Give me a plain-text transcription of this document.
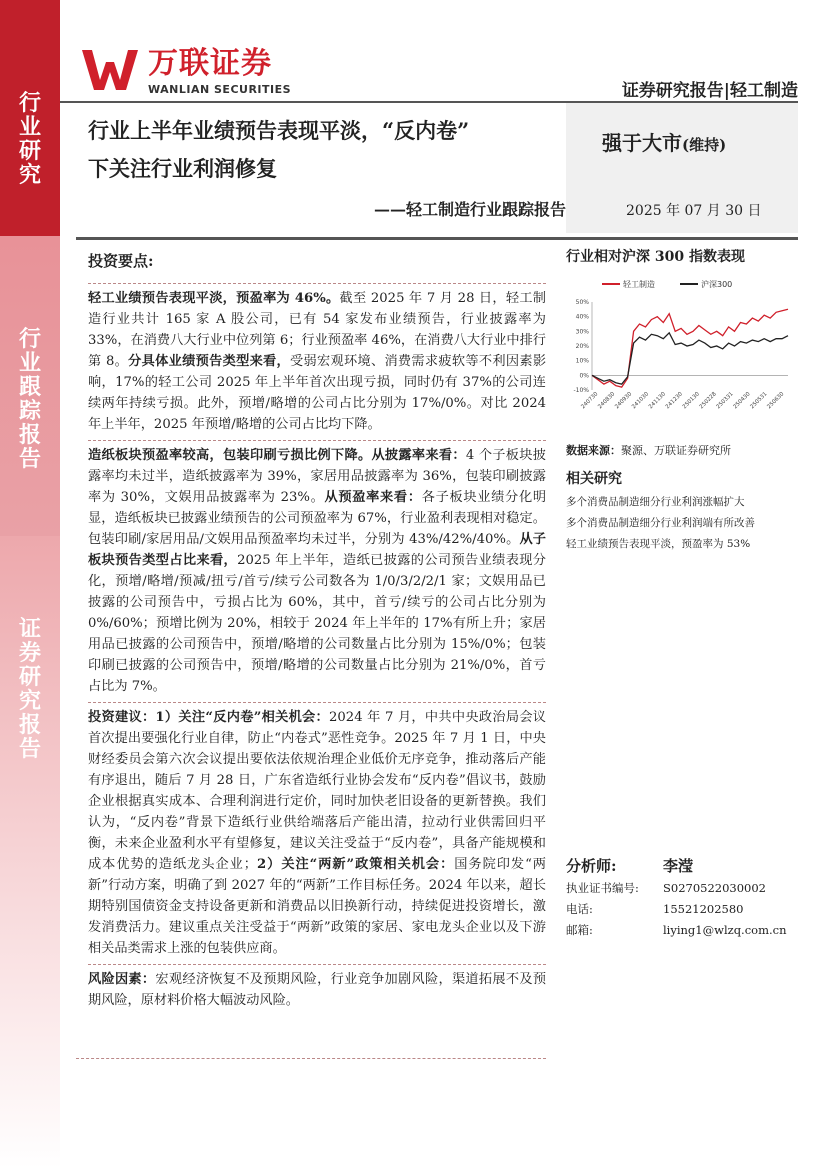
行
业
研
究
行
业
跟
踪
报
告
证
券
研
究
报
告
万联证券
WANLIAN SECURITIES	证券研究报告|轻工制造
行业上半年业绩预告表现平淡，“反内卷”
下关注行业利润修复
——轻工制造行业跟踪报告
强于大市(维持)
2025 年 07 月 30 日
投资要点:

轻工业绩预告表现平淡，预盈率为 46%。截至 2025 年 7 月 28 日，轻工制造行业共计 165 家 A 股公司，已有 54 家发布业绩预告，行业披露率为 33%，在消费八大行业中位列第 6；行业预盈率 46%，在消费八大行业中排行第 8。分具体业绩预告类型来看，受弱宏观环境、消费需求疲软等不利因素影响，17%的轻工公司 2025 年上半年首次出现亏损，同时仍有 37%的公司连续两年持续亏损。此外，预增/略增的公司占比分别为 17%/0%。对比 2024 年上半年，2025 年预增/略增的公司占比均下降。

造纸板块预盈率较高，包装印刷亏损比例下降。从披露率来看：4 个子板块披露率均未过半，造纸披露率为 39%，家居用品披露率为 36%，包装印刷披露率为 30%，文娱用品披露率为 23%。从预盈率来看：各子板块业绩分化明显，造纸板块已披露业绩预告的公司预盈率为 67%，行业盈利表现相对稳定。包装印刷/家居用品/文娱用品预盈率均未过半，分别为 43%/42%/40%。从子板块预告类型占比来看，2025 年上半年，造纸已披露的公司预告业绩表现分化，预增/略增/预减/扭亏/首亏/续亏公司数各为 1/0/3/2/2/1 家；文娱用品已披露的公司预告中，亏损占比为 60%，其中，首亏/续亏的公司占比分别为 0%/60%；预增比例为 20%，相较于 2024 年上半年的 17%有所上升；家居用品已披露的公司预告中，预增/略增的公司数量占比分别为 15%/0%；包装印刷已披露的公司预告中，预增/略增的公司数量占比分别为 21%/0%，首亏占比为 7%。

投资建议：1）关注“反内卷”相关机会：2024 年 7 月，中共中央政治局会议首次提出要强化行业自律，防止“内卷式”恶性竞争。2025 年 7 月 1 日，中央财经委员会第六次会议提出要依法依规治理企业低价无序竞争，推动落后产能有序退出，随后 7 月 28 日，广东省造纸行业协会发布“反内卷”倡议书，鼓励企业根据真实成本、合理利润进行定价，同时加快老旧设备的更新替换。我们认为，“反内卷”背景下造纸行业供给端落后产能出清，拉动行业供需回归平衡，未来企业盈利水平有望修复，建议关注受益于“反内卷”，具备产能规模和成本优势的造纸龙头企业；2）关注“两新”政策相关机会：国务院印发“两新”行动方案，明确了到 2027 年的“两新”工作目标任务。2024 年以来，超长期特别国债资金支持设备更新和消费品以旧换新行动，持续促进投资增长，激发消费活力。建议重点关注受益于“两新”政策的家居、家电龙头企业以及下游相关品类需求上涨的包装供应商。

风险因素：宏观经济恢复不及预期风险，行业竞争加剧风险，渠道拓展不及预期风险，原材料价格大幅波动风险。

行业相对沪深 300 指数表现
-10%
0%
10%
20%
30%
40%
50%
240730
240830
240930
241030
241130
241230
250130
250228
250331
250430
250531
250630
轻工制造	沪深300
数据来源：聚源、万联证券研究所
相关研究
多个消费品制造细分行业利润涨幅扩大
多个消费品制造细分行业利润端有所改善
轻工业绩预告表现平淡，预盈率为 53%
分析师:	李滢
执业证书编号: S0270522030002
电话:	15521202580
邮箱:	liying1@wlzq.com.cn
